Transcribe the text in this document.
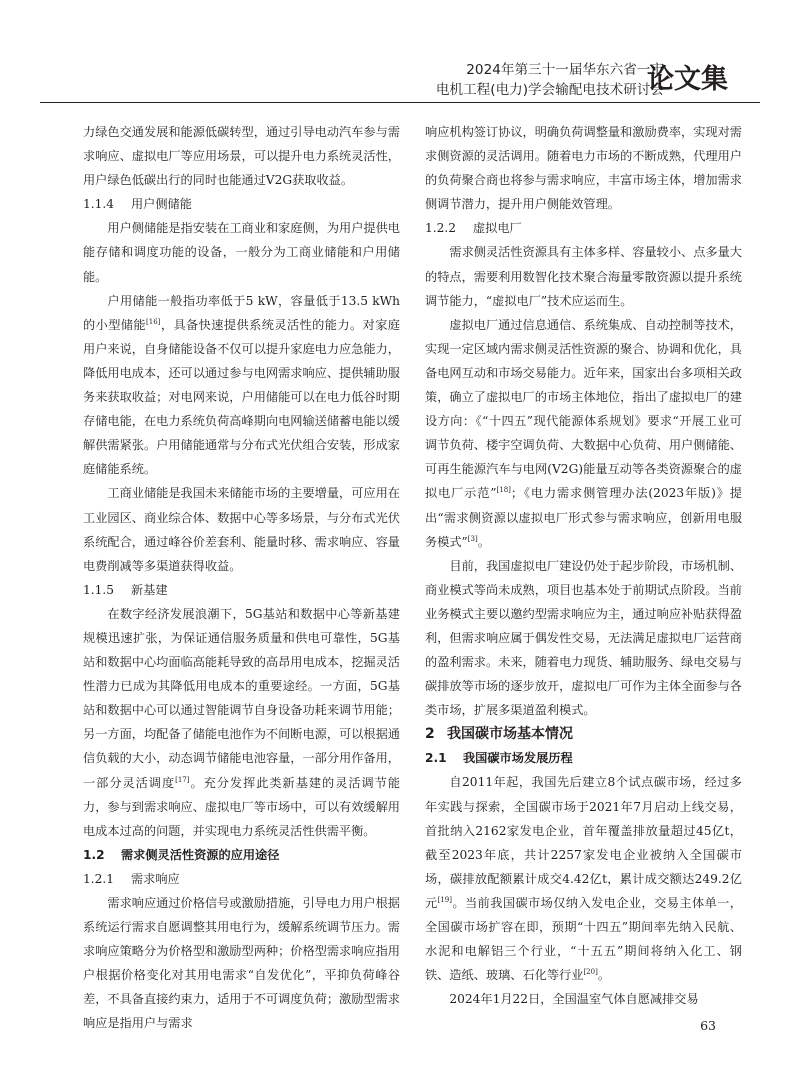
2024年第三十一届华东六省一市
电机工程(电力)学会输配电技术研讨会
论文集

力绿色交通发展和能源低碳转型，通过引导电动汽车参与需求响应、虚拟电厂等应用场景，可以提升电力系统灵活性，用户绿色低碳出行的同时也能通过V2G获取收益。

1.1.4 用户侧储能

用户侧储能是指安装在工商业和家庭侧，为用户提供电能存储和调度功能的设备，一般分为工商业储能和户用储能。

户用储能一般指功率低于5 kW，容量低于13.5 kWh的小型储能[16]，具备快速提供系统灵活性的能力。对家庭用户来说，自身储能设备不仅可以提升家庭电力应急能力，降低用电成本，还可以通过参与电网需求响应、提供辅助服务来获取收益；对电网来说，户用储能可以在电力低谷时期存储电能，在电力系统负荷高峰期向电网输送储蓄电能以缓解供需紧张。户用储能通常与分布式光伏组合安装，形成家庭储能系统。

工商业储能是我国未来储能市场的主要增量，可应用在工业园区、商业综合体、数据中心等多场景，与分布式光伏系统配合，通过峰谷价差套利、能量时移、需求响应、容量电费削减等多渠道获得收益。

1.1.5 新基建

在数字经济发展浪潮下，5G基站和数据中心等新基建规模迅速扩张，为保证通信服务质量和供电可靠性，5G基站和数据中心均面临高能耗导致的高昂用电成本，挖掘灵活性潜力已成为其降低用电成本的重要途经。一方面，5G基站和数据中心可以通过智能调节自身设备功耗来调节用能；另一方面，均配备了储能电池作为不间断电源，可以根据通信负载的大小，动态调节储能电池容量，一部分用作备用，一部分灵活调度[17]。充分发挥此类新基建的灵活调节能力，参与到需求响应、虚拟电厂等市场中，可以有效缓解用电成本过高的问题，并实现电力系统灵活性供需平衡。

1.2 需求侧灵活性资源的应用途径

1.2.1 需求响应

需求响应通过价格信号或激励措施，引导电力用户根据系统运行需求自愿调整其用电行为，缓解系统调节压力。需求响应策略分为价格型和激励型两种；价格型需求响应指用户根据价格变化对其用电需求“自发优化”，平抑负荷峰谷差，不具备直接约束力，适用于不可调度负荷；激励型需求响应是指用户与需求

响应机构签订协议，明确负荷调整量和激励费率，实现对需求侧资源的灵活调用。随着电力市场的不断成熟，代理用户的负荷聚合商也将参与需求响应，丰富市场主体，增加需求侧调节潜力，提升用户侧能效管理。

1.2.2 虚拟电厂

需求侧灵活性资源具有主体多样、容量较小、点多量大的特点，需要利用数智化技术聚合海量零散资源以提升系统调节能力，“虚拟电厂”技术应运而生。

虚拟电厂通过信息通信、系统集成、自动控制等技术，实现一定区域内需求侧灵活性资源的聚合、协调和优化，具备电网互动和市场交易能力。近年来，国家出台多项相关政策，确立了虚拟电厂的市场主体地位，指出了虚拟电厂的建设方向：《“十四五”现代能源体系规划》要求“开展工业可调节负荷、楼宇空调负荷、大数据中心负荷、用户侧储能、可再生能源汽车与电网(V2G)能量互动等各类资源聚合的虚拟电厂示范”[18]；《电力需求侧管理办法(2023年版)》提出“需求侧资源以虚拟电厂形式参与需求响应，创新用电服务模式”[3]。

目前，我国虚拟电厂建设仍处于起步阶段，市场机制、商业模式等尚未成熟，项目也基本处于前期试点阶段。当前业务模式主要以邀约型需求响应为主，通过响应补贴获得盈利，但需求响应属于偶发性交易，无法满足虚拟电厂运营商的盈利需求。未来，随着电力现货、辅助服务、绿电交易与碳排放等市场的逐步放开，虚拟电厂可作为主体全面参与各类市场，扩展多渠道盈利模式。

2 我国碳市场基本情况

2.1 我国碳市场发展历程

自2011年起，我国先后建立8个试点碳市场，经过多年实践与探索，全国碳市场于2021年7月启动上线交易，首批纳入2162家发电企业，首年覆盖排放量超过45亿t，截至2023年底，共计2257家发电企业被纳入全国碳市场，碳排放配额累计成交4.42亿t，累计成交额达249.2亿元[19]。当前我国碳市场仅纳入发电企业，交易主体单一，全国碳市场扩容在即，预期“十四五”期间率先纳入民航、水泥和电解铝三个行业，“十五五”期间将纳入化工、钢铁、造纸、玻璃、石化等行业[20]。

2024年1月22日，全国温室气体自愿减排交易

63
